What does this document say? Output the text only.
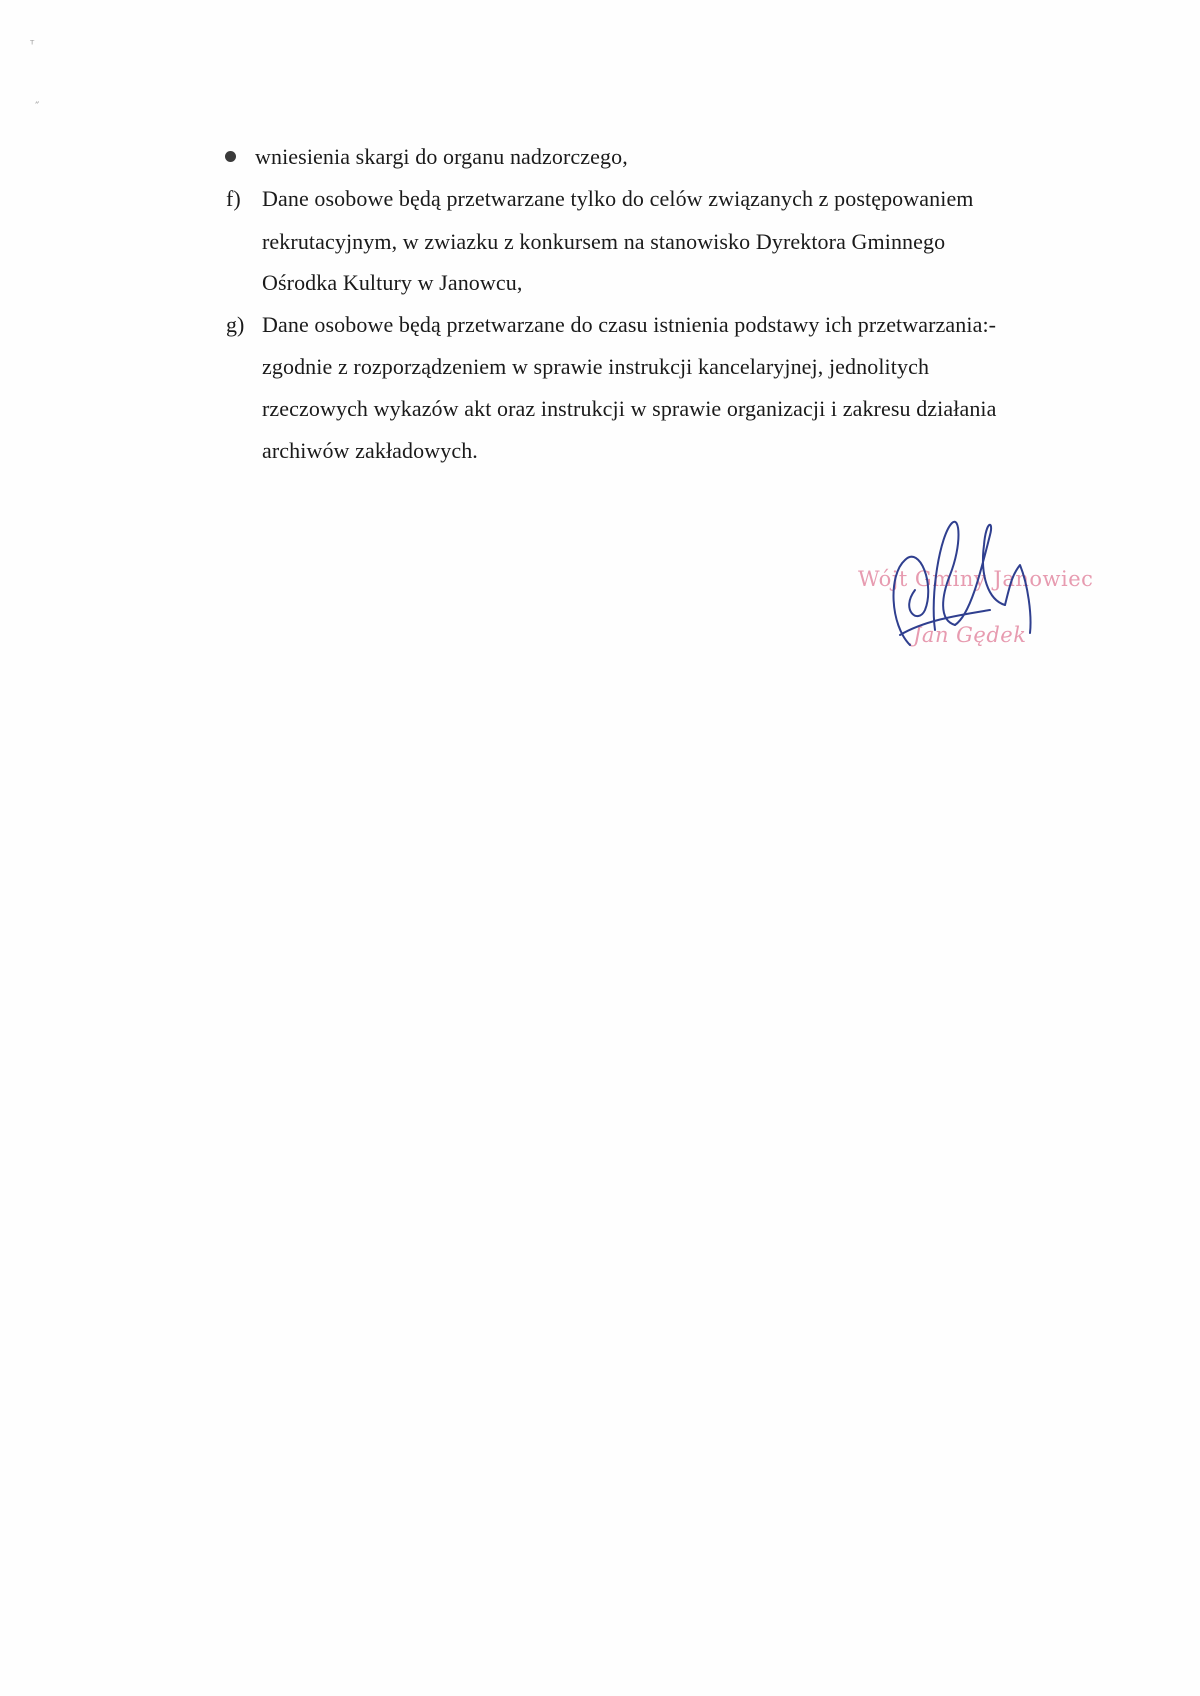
ᵀ
˝
wniesienia skargi do organu nadzorczego,
f) Dane osobowe będą przetwarzane tylko do celów związanych z postępowaniem
rekrutacyjnym, w zwiazku z konkursem na stanowisko Dyrektora Gminnego
Ośrodka Kultury w Janowcu,
g) Dane osobowe będą przetwarzane do czasu istnienia podstawy ich przetwarzania:-
zgodnie z rozporządzeniem w sprawie instrukcji kancelaryjnej, jednolitych
rzeczowych wykazów akt oraz instrukcji w sprawie organizacji i zakresu działania
archiwów zakładowych.
Wójt Gminy Janowiec
Jan Gędek
